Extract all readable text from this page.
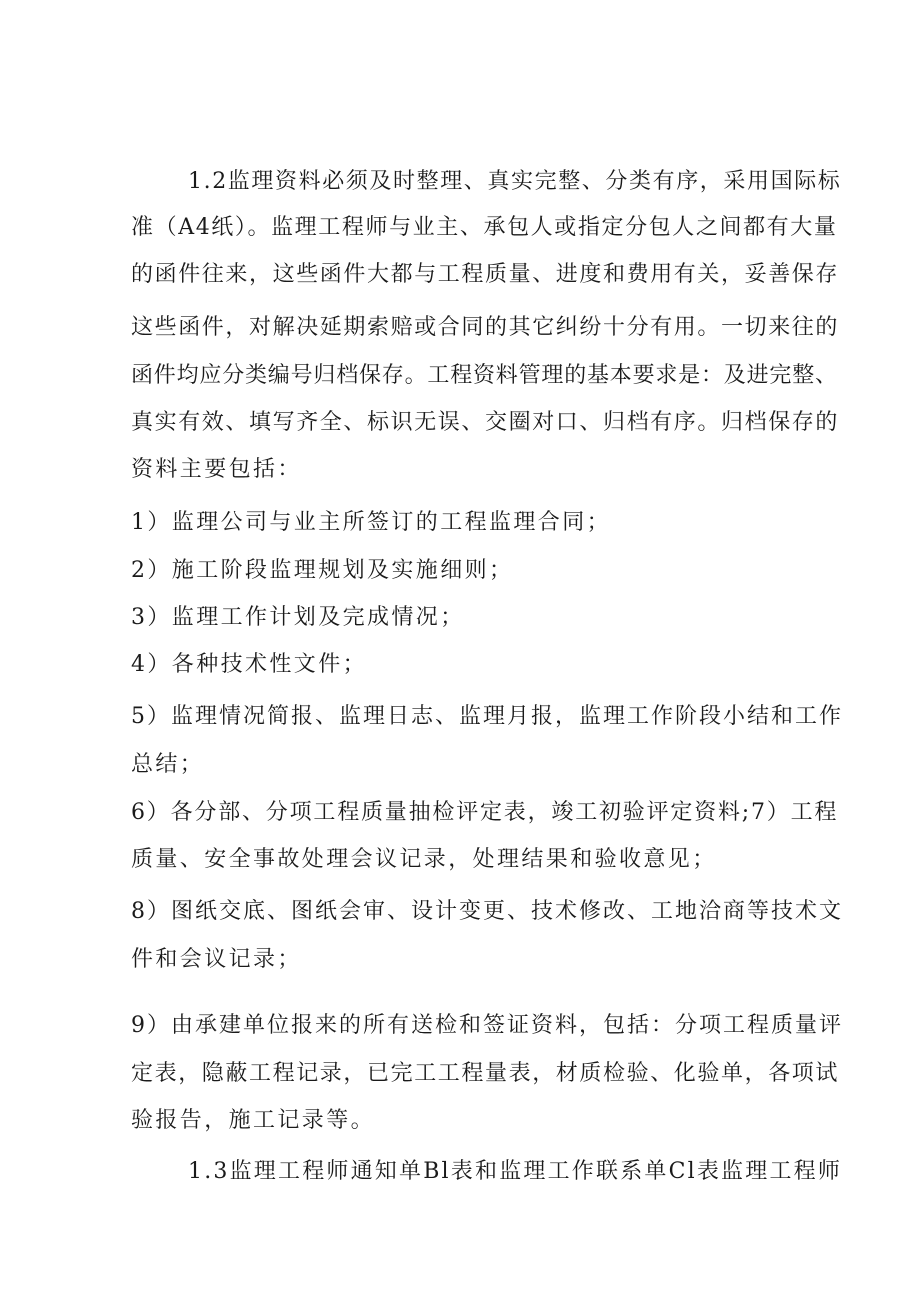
1.2监理资料必须及时整理、真实完整、分类有序，采用国际标
准（A4纸）。监理工程师与业主、承包人或指定分包人之间都有大量
的函件往来，这些函件大都与工程质量、进度和费用有关，妥善保存
这些函件，对解决延期索赔或合同的其它纠纷十分有用。一切来往的
函件均应分类编号归档保存。工程资料管理的基本要求是：及进完整、
真实有效、填写齐全、标识无误、交圈对口、归档有序。归档保存的
资料主要包括：
1）监理公司与业主所签订的工程监理合同；
2）施工阶段监理规划及实施细则；
3）监理工作计划及完成情况；
4）各种技术性文件；
5）监理情况简报、监理日志、监理月报，监理工作阶段小结和工作
总结；
6）各分部、分项工程质量抽检评定表，竣工初验评定资料;7）工程
质量、安全事故处理会议记录，处理结果和验收意见；
8）图纸交底、图纸会审、设计变更、技术修改、工地洽商等技术文
件和会议记录；
9）由承建单位报来的所有送检和签证资料，包括：分项工程质量评
定表，隐蔽工程记录，已完工工程量表，材质检验、化验单，各项试
验报告，施工记录等。
1.3监理工程师通知单Bl表和监理工作联系单Cl表监理工程师
